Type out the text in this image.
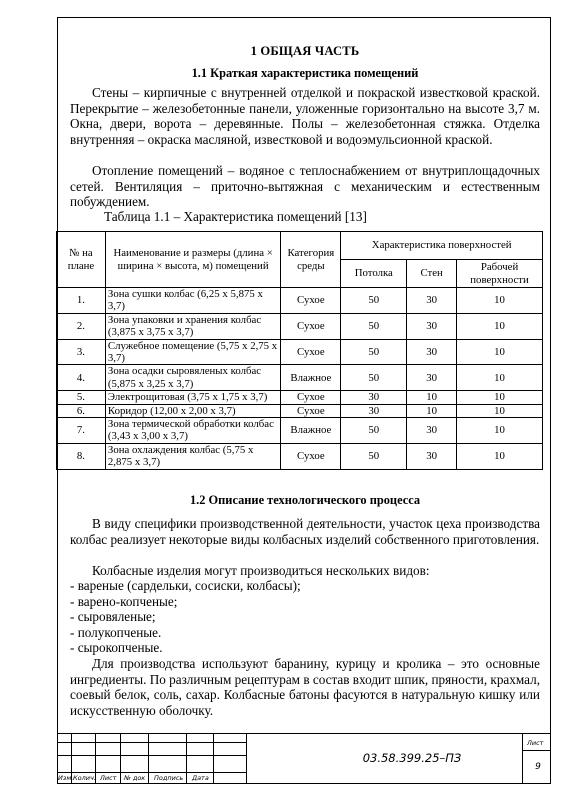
1 ОБЩАЯ ЧАСТЬ
1.1 Краткая характеристика помещений
Стены – кирпичные с внутренней отделкой и покраской известковой краской. Перекрытие – железобетонные панели, уложенные горизонтально на высоте 3,7 м. Окна, двери, ворота – деревянные. Полы – железобетонная стяжка. Отделка внутренняя – окраска масляной, известковой и водоэмульсионной краской.
Отопление помещений – водяное с теплоснабжением от внутриплощадочных сетей. Вентиляция – приточно-вытяжная с механическим и естественным побуждением.
Таблица 1.1 – Характеристика помещений [13]
№ на плане	Наименование и размеры (длина × ширина × высота, м) помещений	Категория среды	Характеристика поверхностей		
			Потолка	Стен	Рабочей поверхности
1.	Зона сушки колбас (6,25 х 5,875 х 3,7)	Сухое	50	30	10
2.	Зона упаковки и хранения колбас (3,875 х 3,75 х 3,7)	Сухое	50	30	10
3.	Служебное помещение (5,75 х 2,75 х 3,7)	Сухое	50	30	10
4.	Зона осадки сыровяленых колбас (5,875 х 3,25 х 3,7)	Влажное	50	30	10
5.	Электрощитовая (3,75 х 1,75 х 3,7)	Сухое	30	10	10
6.	Коридор (12,00 х 2,00 х 3,7)	Сухое	30	10	10
7.	Зона термической обработки колбас (3,43 х 3,00 х 3,7)	Влажное	50	30	10
8.	Зона охлаждения колбас (5,75 х 2,875 х 3,7)	Сухое	50	30	10
1.2 Описание технологического процесса
В виду специфики производственной деятельности, участок цеха производства колбас реализует некоторые виды колбасных изделий собственного приготовления.
Колбасные изделия могут производиться нескольких видов:
- вареные (сардельки, сосиски, колбасы);
- варено-копченые;
- сыровяленые;
- полукопченые.
- сырокопченые.
Для производства используют баранину, курицу и кролика – это основные ингредиенты. По различным рецептурам в состав входит шпик, пряности, крахмал, соевый белок, соль, сахар. Колбасные батоны фасуются в натуральную кишку или искусственную оболочку.
Изм. Колич. Лист № док Подпись Дата
Лист
03.58.399.25–ПЗ
9
